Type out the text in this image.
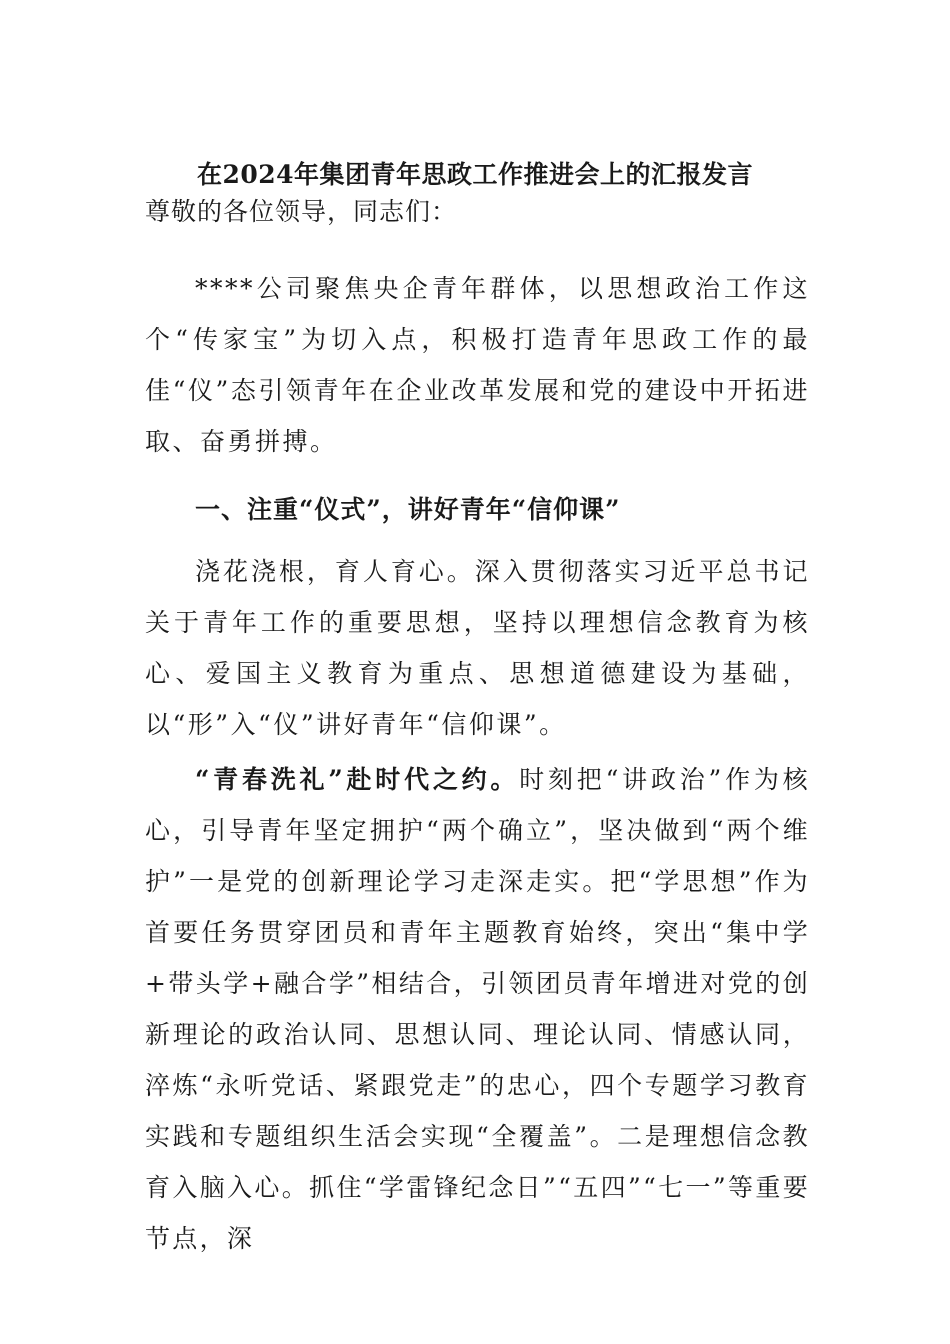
在2024年集团青年思政工作推进会上的汇报发言
尊敬的各位领导，同志们：

****公司聚焦央企青年群体，以思想政治工作这个“传家宝”为切入点，积极打造青年思政工作的最佳“仪”态引领青年在企业改革发展和党的建设中开拓进取、奋勇拼搏。

一、注重“仪式”，讲好青年“信仰课”

浇花浇根，育人育心。深入贯彻落实习近平总书记关于青年工作的重要思想，坚持以理想信念教育为核心、爱国主义教育为重点、思想道德建设为基础，以“形”入“仪”讲好青年“信仰课”。

“青春洗礼”赴时代之约。时刻把“讲政治”作为核心，引导青年坚定拥护“两个确立”，坚决做到“两个维护”一是党的创新理论学习走深走实。把“学思想”作为首要任务贯穿团员和青年主题教育始终，突出“集中学+带头学+融合学”相结合，引领团员青年增进对党的创新理论的政治认同、思想认同、理论认同、情感认同，淬炼“永听党话、紧跟党走”的忠心，四个专题学习教育实践和专题组织生活会实现“全覆盖”。二是理想信念教育入脑入心。抓住“学雷锋纪念日”“五四”“七一”等重要节点，深
